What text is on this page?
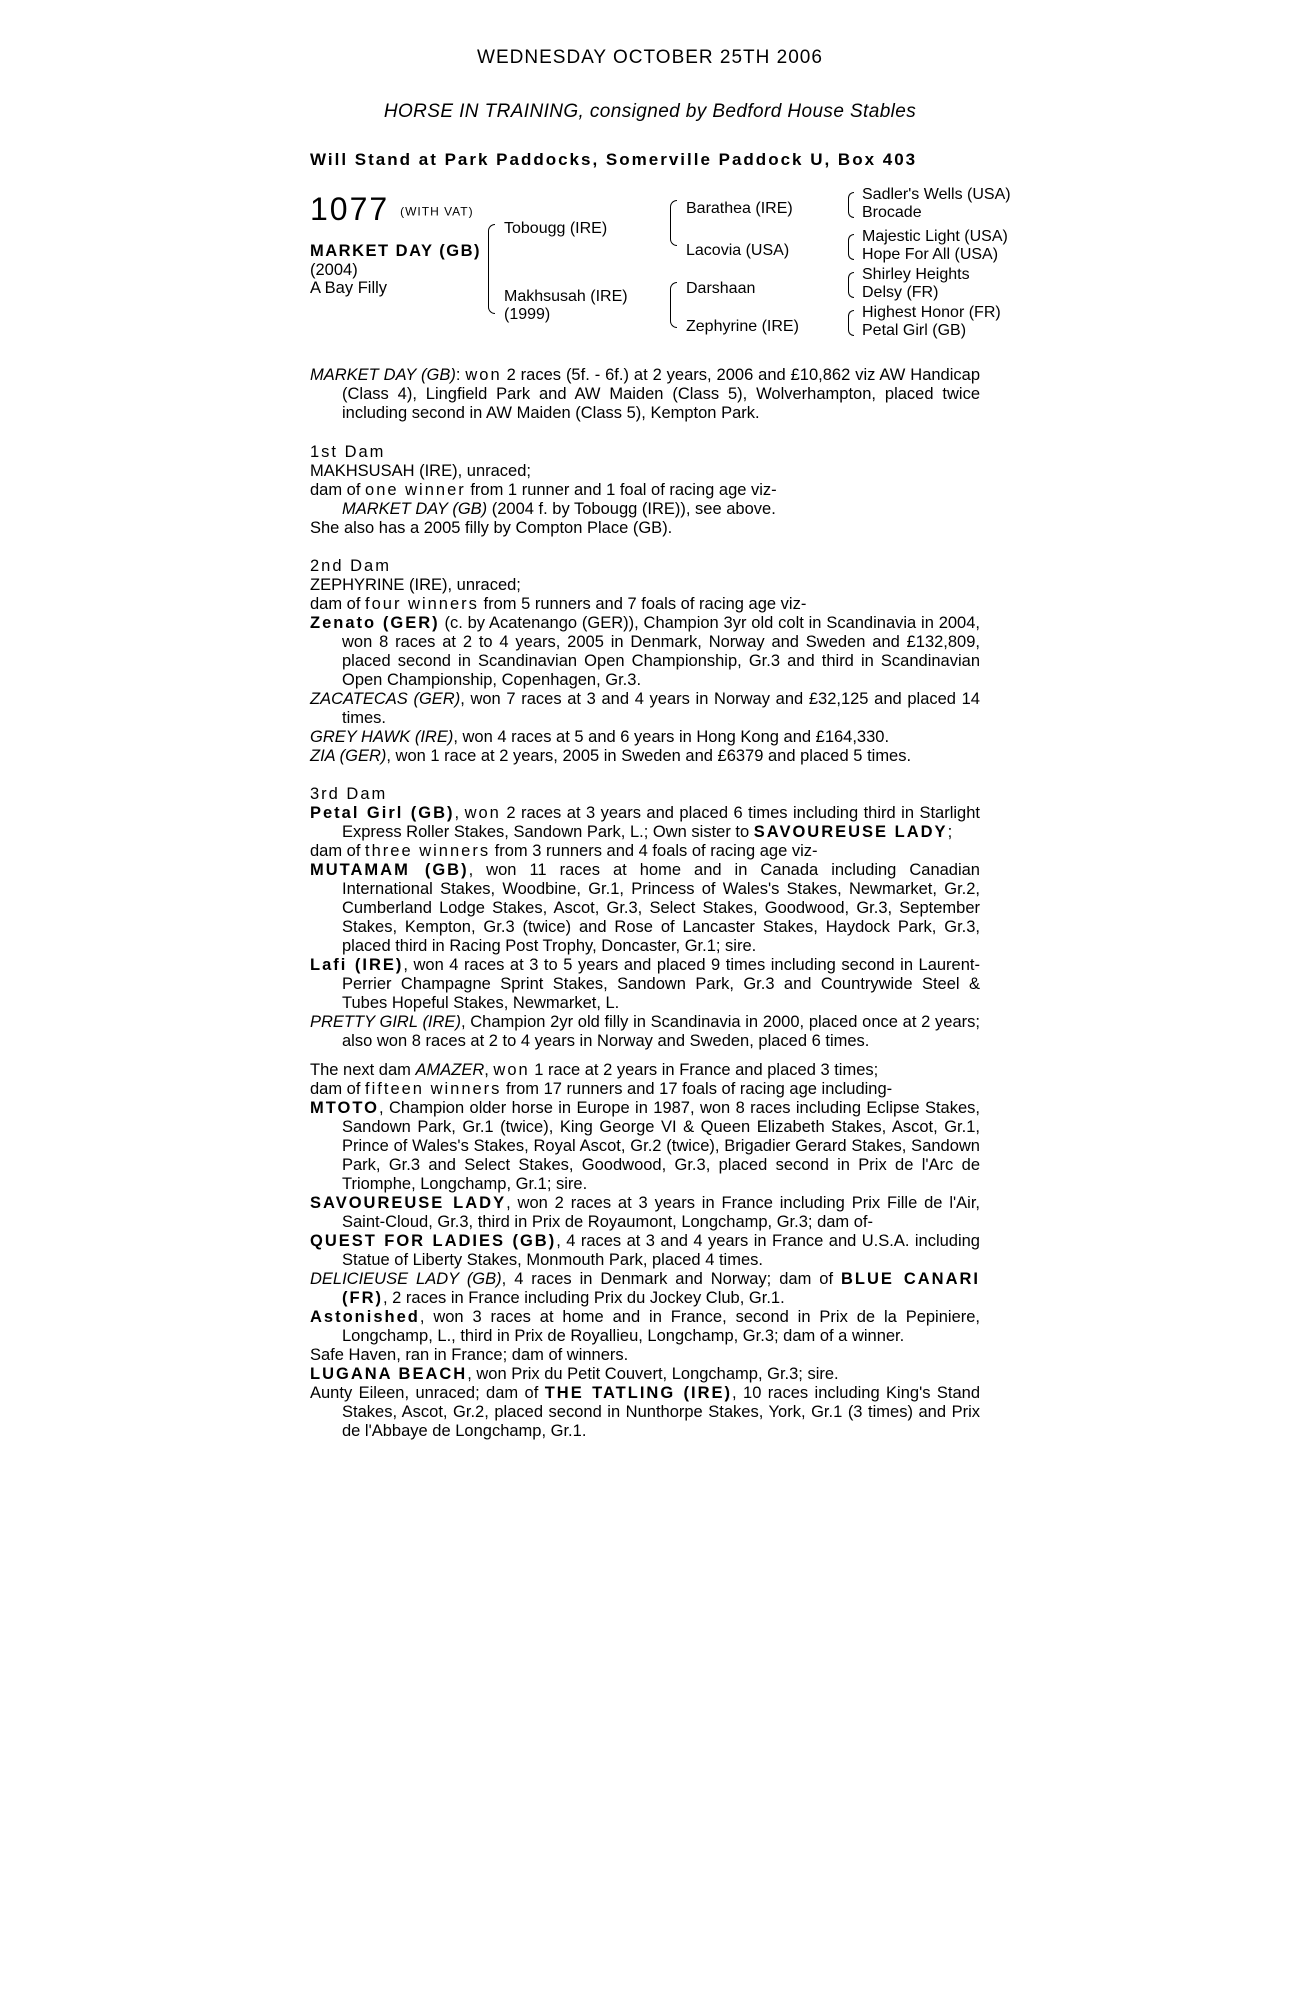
WEDNESDAY OCTOBER 25TH 2006
HORSE IN TRAINING, consigned by Bedford House Stables
Will Stand at Park Paddocks, Somerville Paddock U, Box 403
1077 (WITH VAT)
MARKET DAY (GB)
(2004)
A Bay Filly
Tobougg (IRE)
Makhsusah (IRE)
(1999)
Barathea (IRE)
Lacovia (USA)
Darshaan
Zephyrine (IRE)
Sadler's Wells (USA)
Brocade
Majestic Light (USA)
Hope For All (USA)
Shirley Heights
Delsy (FR)
Highest Honor (FR)
Petal Girl (GB)

MARKET DAY (GB): won 2 races (5f. - 6f.) at 2 years, 2006 and £10,862 viz AW Handicap (Class 4), Lingfield Park and AW Maiden (Class 5), Wolverhampton, placed twice including second in AW Maiden (Class 5), Kempton Park.

1st Dam

MAKHSUSAH (IRE), unraced;

dam of one winner from 1 runner and 1 foal of racing age viz-

MARKET DAY (GB) (2004 f. by Tobougg (IRE)), see above.

She also has a 2005 filly by Compton Place (GB).

2nd Dam

ZEPHYRINE (IRE), unraced;

dam of four winners from 5 runners and 7 foals of racing age viz-

Zenato (GER) (c. by Acatenango (GER)), Champion 3yr old colt in Scandinavia in 2004, won 8 races at 2 to 4 years, 2005 in Denmark, Norway and Sweden and £132,809, placed second in Scandinavian Open Championship, Gr.3 and third in Scandinavian Open Championship, Copenhagen, Gr.3.

ZACATECAS (GER), won 7 races at 3 and 4 years in Norway and £32,125 and placed 14 times.

GREY HAWK (IRE), won 4 races at 5 and 6 years in Hong Kong and £164,330.

ZIA (GER), won 1 race at 2 years, 2005 in Sweden and £6379 and placed 5 times.

3rd Dam

Petal Girl (GB), won 2 races at 3 years and placed 6 times including third in Starlight Express Roller Stakes, Sandown Park, L.; Own sister to SAVOUREUSE LADY;

dam of three winners from 3 runners and 4 foals of racing age viz-

MUTAMAM (GB), won 11 races at home and in Canada including Canadian International Stakes, Woodbine, Gr.1, Princess of Wales's Stakes, Newmarket, Gr.2, Cumberland Lodge Stakes, Ascot, Gr.3, Select Stakes, Goodwood, Gr.3, September Stakes, Kempton, Gr.3 (twice) and Rose of Lancaster Stakes, Haydock Park, Gr.3, placed third in Racing Post Trophy, Doncaster, Gr.1; sire.

Lafi (IRE), won 4 races at 3 to 5 years and placed 9 times including second in Laurent-Perrier Champagne Sprint Stakes, Sandown Park, Gr.3 and Countrywide Steel & Tubes Hopeful Stakes, Newmarket, L.

PRETTY GIRL (IRE), Champion 2yr old filly in Scandinavia in 2000, placed once at 2 years; also won 8 races at 2 to 4 years in Norway and Sweden, placed 6 times.

The next dam AMAZER, won 1 race at 2 years in France and placed 3 times;

dam of fifteen winners from 17 runners and 17 foals of racing age including-

MTOTO, Champion older horse in Europe in 1987, won 8 races including Eclipse Stakes, Sandown Park, Gr.1 (twice), King George VI & Queen Elizabeth Stakes, Ascot, Gr.1, Prince of Wales's Stakes, Royal Ascot, Gr.2 (twice), Brigadier Gerard Stakes, Sandown Park, Gr.3 and Select Stakes, Goodwood, Gr.3, placed second in Prix de l'Arc de Triomphe, Longchamp, Gr.1; sire.

SAVOUREUSE LADY, won 2 races at 3 years in France including Prix Fille de l'Air, Saint-Cloud, Gr.3, third in Prix de Royaumont, Longchamp, Gr.3; dam of-

QUEST FOR LADIES (GB), 4 races at 3 and 4 years in France and U.S.A. including Statue of Liberty Stakes, Monmouth Park, placed 4 times.

DELICIEUSE LADY (GB), 4 races in Denmark and Norway; dam of BLUE CANARI (FR), 2 races in France including Prix du Jockey Club, Gr.1.

Astonished, won 3 races at home and in France, second in Prix de la Pepiniere, Longchamp, L., third in Prix de Royallieu, Longchamp, Gr.3; dam of a winner.

Safe Haven, ran in France; dam of winners.

LUGANA BEACH, won Prix du Petit Couvert, Longchamp, Gr.3; sire.

Aunty Eileen, unraced; dam of THE TATLING (IRE), 10 races including King's Stand Stakes, Ascot, Gr.2, placed second in Nunthorpe Stakes, York, Gr.1 (3 times) and Prix de l'Abbaye de Longchamp, Gr.1.
